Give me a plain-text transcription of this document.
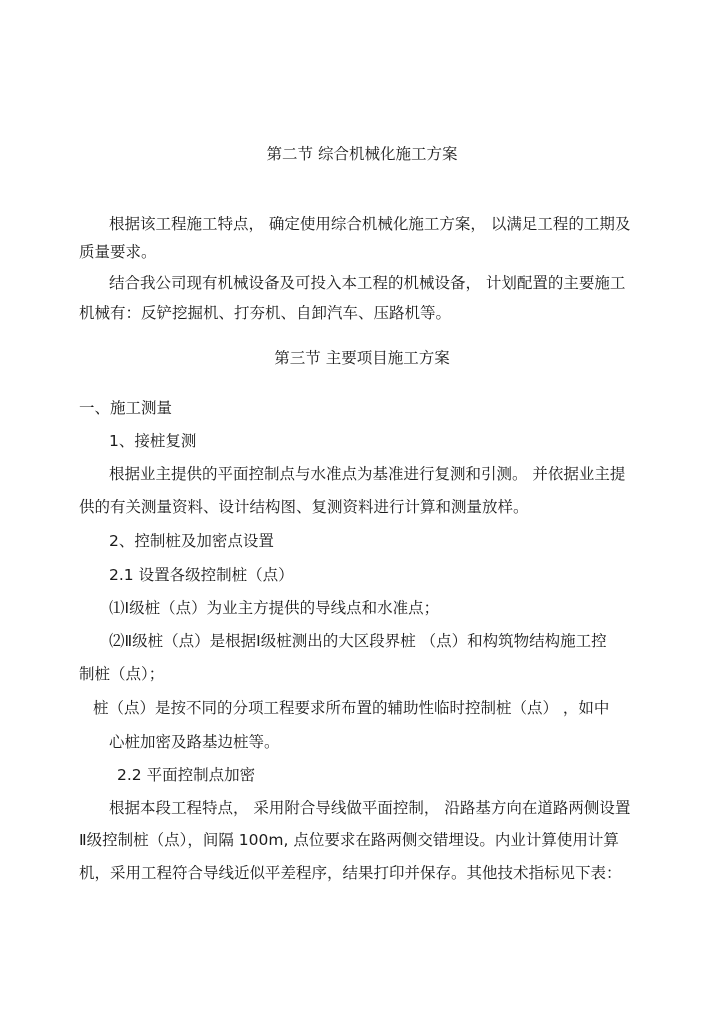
第二节 综合机械化施工方案
根据该工程施工特点， 确定使用综合机械化施工方案， 以满足工程的工期及
质量要求。
结合我公司现有机械设备及可投入本工程的机械设备， 计划配置的主要施工
机械有：反铲挖掘机、打夯机、自卸汽车、压路机等。
第三节 主要项目施工方案
一、施工测量
1、接桩复测
根据业主提供的平面控制点与水准点为基准进行复测和引测。 并依据业主提
供的有关测量资料、设计结构图、复测资料进行计算和测量放样。
2、控制桩及加密点设置
2.1 设置各级控制桩（点）
⑴Ⅰ级桩（点）为业主方提供的导线点和水准点；
⑵Ⅱ级桩（点）是根据Ⅰ级桩测出的大区段界桩 （点）和构筑物结构施工控
制桩（点）；
桩（点）是按不同的分项工程要求所布置的辅助性临时控制桩（点） ，如中
心桩加密及路基边桩等。
2.2 平面控制点加密
根据本段工程特点， 采用附合导线做平面控制， 沿路基方向在道路两侧设置
Ⅱ级控制桩（点），间隔 100m, 点位要求在路两侧交错埋设。内业计算使用计算
机，采用工程符合导线近似平差程序，结果打印并保存。其他技术指标见下表：
